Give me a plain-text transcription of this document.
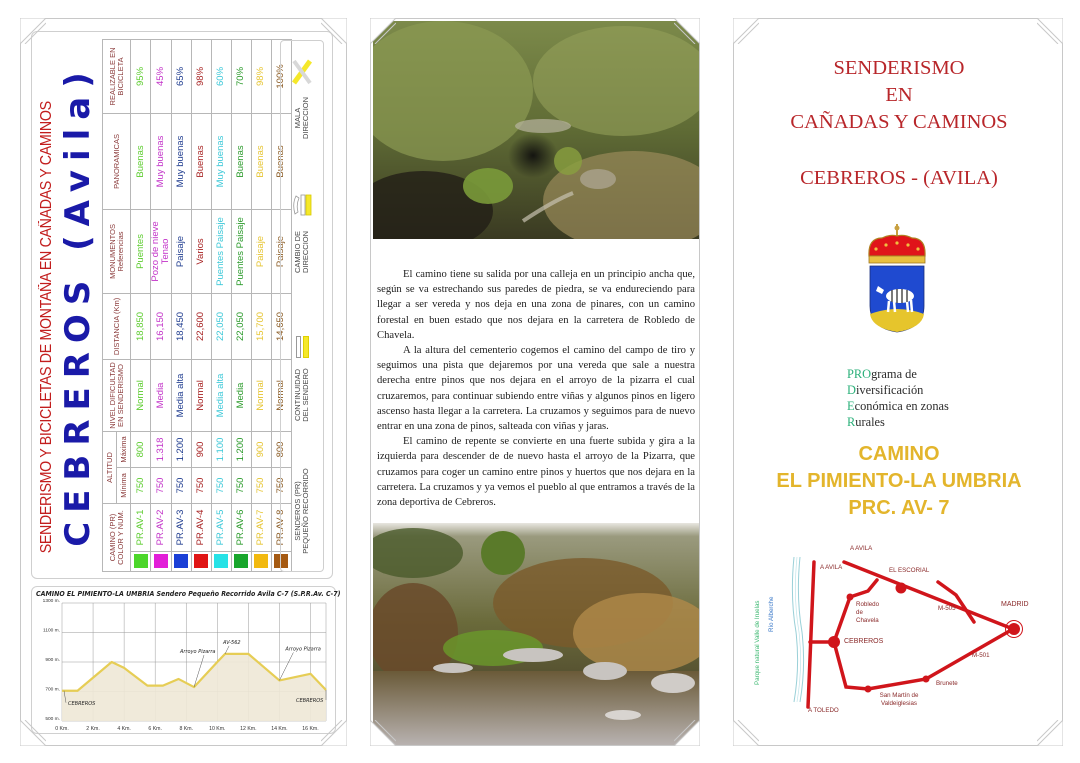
SENDERISMO Y BICICLETAS DE MONTAÑA EN CAÑADAS Y CAMINOS CEBREROS (Avila) CAMINO (PR) COLOR Y NUM.		ALTITUD		NIVEL DIFICULTAD EN SENDERISMO	DISTANCIA (Km)	MONUMENTOS Referencias	PANORAMICAS	REALIZABLE EN BICICLETA
		Mínima	Máxima					
	PR.AV-1	750	800	Normal	18,850	Puentes	Buenas	95%
	PR.AV-2	750	1.318	Media	16,150	Pozo de nieve Tenao	Muy buenas	45%
	PR.AV-3	750	1.200	Media alta	18,450	Paisaje	Muy buenas	65%
	PR.AV-4	750	900	Normal	22,600	Varios	Buenas	98%
	PR.AV-5	750	1.100	Media alta	22,050	Puentes Paisaje	Muy buenas	60%
	PR.AV-6	750	1.200	Media	22,050	Puentes Paisaje	Buenas	70%
	PR.AV-7	750	900	Normal	15,700	Paisaje	Buenas	98%
	PR.AV-8	750	800	Normal	14,650	Paisaje	Buenas	100%
SENDEROS (PR) PEQUEÑO RECORRIDO
CONTINUIDAD DEL SENDERO
CAMBIO DE DIRECCION
MALA DIRECCION
CAMINO EL PIMIENTO-LA UMBRIA Sendero Pequeño Recorrido Avila C-7 (S.P.R.Av. C-7)
0 Km.	2 Km.	4 Km.	6 Km.	8 Km.	10 Km.	12 Km.	14 Km.	16 Km.
500 m.
700 m.
900 m.
1100 m.
1300 m.
CEBREROS
Arroyo Pizarra
AV-562
Arroyo Pizarra
CEBREROS

El camino tiene su salida por una calleja en un principio ancha que, según se va estrechando sus paredes de piedra, se va endureciendo para llegar a ser vereda y nos deja en una zona de pinares, con un camino forestal en buen estado que nos dejara en la carretera de Robledo de Chavela.

A la altura del cementerio cogemos el camino del campo de tiro y seguimos una pista que dejaremos por una vereda que sale a nuestra derecha entre pinos que nos dejara en el arroyo de la pizarra el cual cruzaremos, para continuar subiendo entre viñas y algunos pinos en ligero ascenso hasta llegar a la carretera. La cruzamos y seguimos para de nuevo entrar en una zona de pinos, salteada con viñas y jaras.

El camino de repente se convierte en una fuerte subida y gira a la izquierda para descender de de nuevo hasta el arroyo de la Pizarra, que cruzamos para coger un camino entre pinos y huertos que nos dejara en la carretera. La cruzamos y ya vemos el pueblo al que entramos a través de la zona deportiva de Cebreros.

SENDERISMO
EN
CAÑADAS Y CAMINOS
CEBREROS - (AVILA)
PROgrama de
Diversificación
Económica en zonas
Rurales
CAMINO
EL PIMIENTO-LA UMBRIA
PRC. AV- 7
A AVILA
A AVILA	EL ESCORIAL
MADRID
M-505
Robledo de Chavela
CEBREROS
M-501
Brunete
San Martín de Valdeiglesias
A TOLEDO
Río Alberche
Parque natural Valle de Iruelas
